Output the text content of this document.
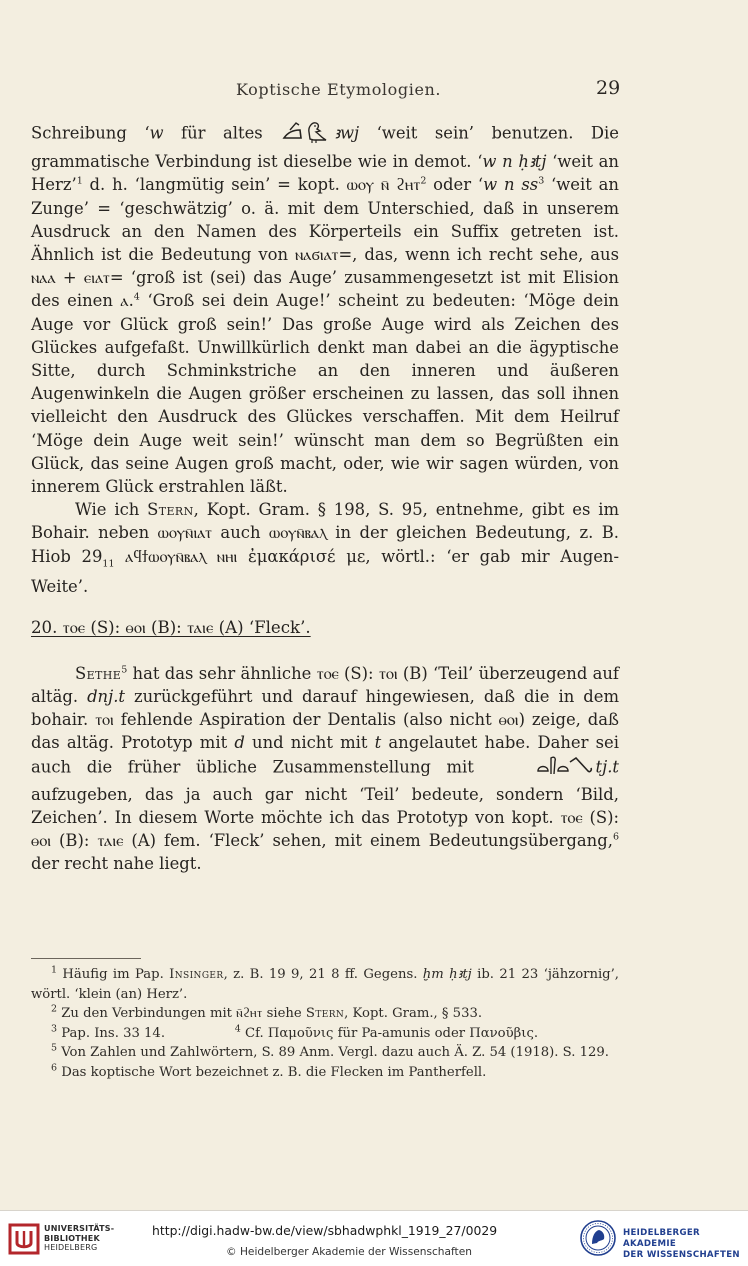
Koptische Etymologien.	29

Schreibung ‘w für altes	ꜣwj ‘weit sein’ benutzen. Die grammatische Verbindung ist dieselbe wie in demot. ‘w n ḥꜣtj ‘weit an Herz’$^1$ d. h. ‘langmütig sein’ = kopt. ⲱⲟⲩ ⲛ̄ ϩⲏⲧ$^2$ oder ‘w n $ss^3$ ‘weit an Zunge’ = ‘geschwätzig’ o. ä. mit dem Unterschied, daß in unserem Ausdruck an den Namen des Körperteils ein Suffix getreten ist. Ähnlich ist die Bedeutung von ⲛⲁϭⲓⲁⲧ=, das, wenn ich recht sehe, aus ⲛⲁⲁ + ⲉⲓⲁⲧ= ‘groß ist (sei) das Auge’ zusammengesetzt ist mit Elision des einen ⲁ.$^4$ ‘Groß sei dein Auge!’ scheint zu bedeuten: ‘Möge dein Auge vor Glück groß sein!’ Das große Auge wird als Zeichen des Glückes aufgefaßt. Unwillkürlich denkt man dabei an die ägyptische Sitte, durch Schminkstriche an den inneren und äußeren Augenwinkeln die Augen größer erscheinen zu lassen, das soll ihnen vielleicht den Ausdruck des Glückes verschaffen. Mit dem Heilruf ‘Möge dein Auge weit sein!’ wünscht man dem so Begrüßten ein Glück, das seine Augen groß macht, oder, wie wir sagen würden, von innerem Glück erstrahlen läßt.

Wie ich Stern, Kopt. Gram. § 198, S. 95, entnehme, gibt es im Bohair. neben ⲱⲟⲩⲛ̄ⲓⲁⲧ auch ⲱⲟⲩⲛ̄ⲃⲁⲗ in der gleichen Bedeutung, z. B. Hiob $29_{11}$ ⲁϥϯⲱⲟⲩⲛ̄ⲃⲁⲗ ⲛⲏⲓ ἐμακάρισέ με, wörtl.: ‘er gab mir Augen-Weite’.

20. ⲧⲟⲉ (S): ⲑⲟⲓ (B): ⲧⲁⲓⲉ (A) ‘Fleck’.

Sethe$^5$ hat das sehr ähnliche ⲧⲟⲉ (S): ⲧⲟⲓ (B) ‘Teil’ überzeugend auf altäg. dnj.t zurückgeführt und darauf hingewiesen, daß die in dem bohair. ⲧⲟⲓ fehlende Aspiration der Dentalis (also nicht ⲑⲟⲓ) zeige, daß das altäg. Prototyp mit d und nicht mit t angelautet habe. Daher sei auch die früher übliche Zusammenstellung mit	tj.t aufzugeben, das ja auch gar nicht ‘Teil’ bedeute, sondern ‘Bild, Zeichen’. In diesem Worte möchte ich das Prototyp von kopt. ⲧⲟⲉ (S): ⲑⲟⲓ (B): ⲧⲁⲓⲉ (A) fem. ‘Fleck’ sehen, mit einem Bedeutungsübergang,$^6$ der recht nahe liegt.

$^1$ Häufig im Pap. Insinger, z. B. 19 9, 21 8 ff. Gegens. ḫm ḥꜣtj ib. 21 23 ‘jähzornig’, wörtl. ‘klein (an) Herz’.

$^2$ Zu den Verbindungen mit ⲛ̄ϩⲏⲧ siehe Stern, Kopt. Gram., § 533.

$^3$ Pap. Ins. 33 14.	$^4$ Cf. Παμοῦνις für Pa-amunis oder Πανοῦβις.

$^5$ Von Zahlen und Zahlwörtern, S. 89 Anm. Vergl. dazu auch Ä. Z. 54 (1918). S. 129.

$^6$ Das koptische Wort bezeichnet z. B. die Flecken im Pantherfell.

UNIVERSITÄTS-
BIBLIOTHEK
HEIDELBERG
http://digi.hadw-bw.de/view/sbhadwphkl_1919_27/0029
© Heidelberger Akademie der Wissenschaften
HEIDELBERGER AKADEMIE
DER WISSENSCHAFTEN
